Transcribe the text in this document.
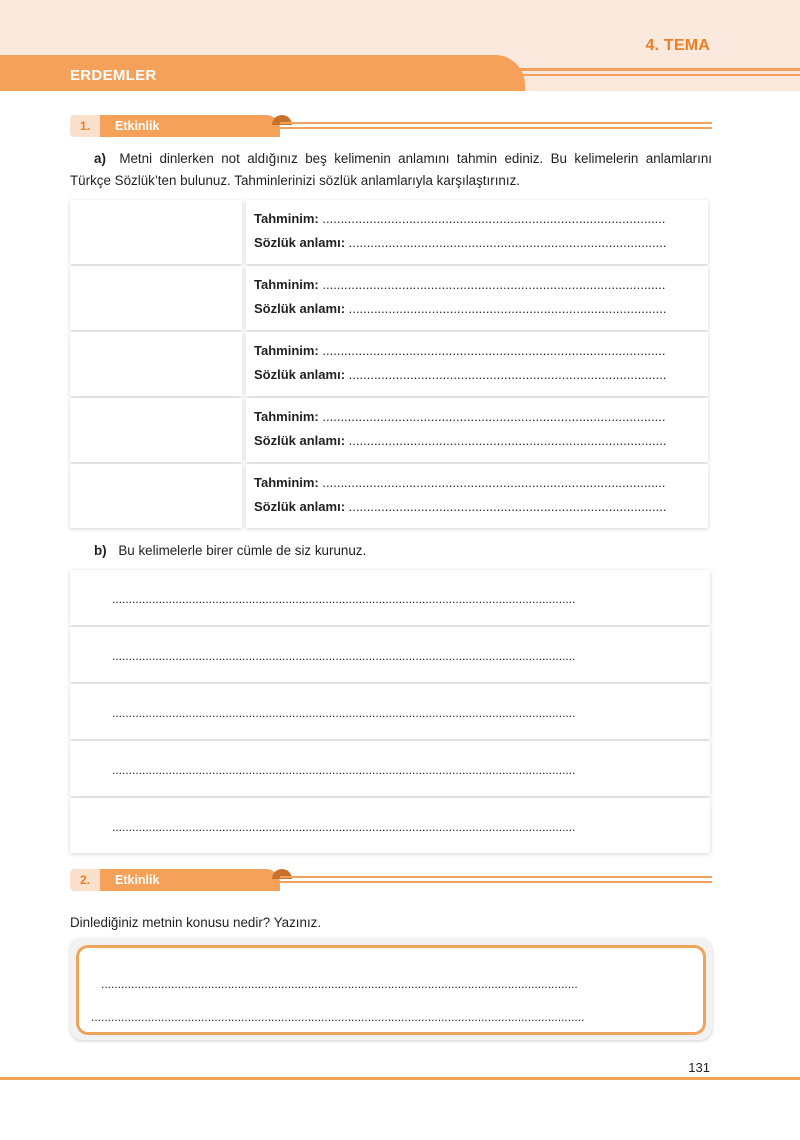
4. TEMA
ERDEMLER
1.	Etkinlik
a) Metni dinlerken not aldığınız beş kelimenin anlamını tahmin ediniz. Bu kelimelerin anlamlarını Türkçe Sözlük’ten bulunuz. Tahminlerinizi sözlük anlamlarıyla karşılaştırınız.
Tahminim: ...............................................................................................
Sözlük anlamı: ........................................................................................
Tahminim: ...............................................................................................
Sözlük anlamı: ........................................................................................
Tahminim: ...............................................................................................
Sözlük anlamı: ........................................................................................
Tahminim: ...............................................................................................
Sözlük anlamı: ........................................................................................
Tahminim: ...............................................................................................
Sözlük anlamı: ........................................................................................
b) Bu kelimelerle birer cümle de siz kurunuz.
...........................................................................................................................................
...........................................................................................................................................
...........................................................................................................................................
...........................................................................................................................................
...........................................................................................................................................
2.	Etkinlik
Dinlediğiniz metnin konusu nedir? Yazınız.
...............................................................................................................................................
....................................................................................................................................................
131
